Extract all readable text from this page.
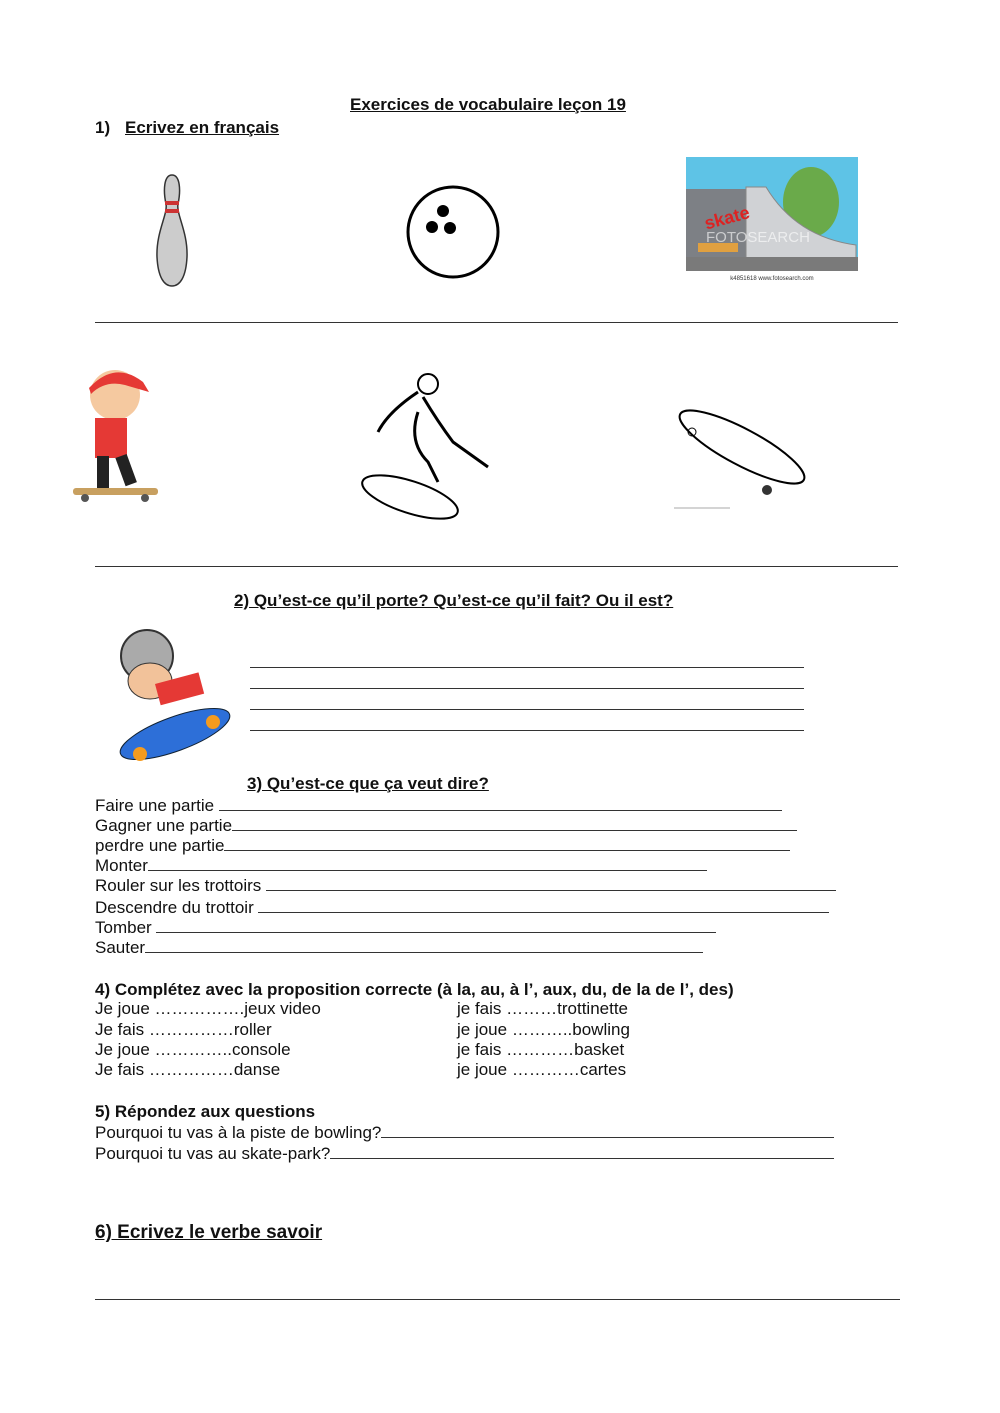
Exercices de vocabulaire leçon 19
1) Ecrivez en français
skate
FOTOSEARCH
k4851618 www.fotosearch.com
2) Qu’est-ce qu’il porte? Qu’est-ce qu’il fait? Ou il est?
3) Qu’est-ce que ça veut dire?
Faire une partie
Gagner une partie
perdre une partie
Monter
Rouler sur les trottoirs
Descendre du trottoir
Tomber
Sauter
4) Complétez avec la proposition correcte (à la, au, à l’, aux, du, de la de l’, des)
Je joue …………….jeux video
Je fais ……………roller
Je joue …………..console
Je fais ……………danse
je fais ………trottinette
je joue ………..bowling
je fais …………basket
je joue …………cartes
5) Répondez aux questions
Pourquoi tu vas à la piste de bowling?
Pourquoi tu vas au skate-park?
6) Ecrivez le verbe savoir
